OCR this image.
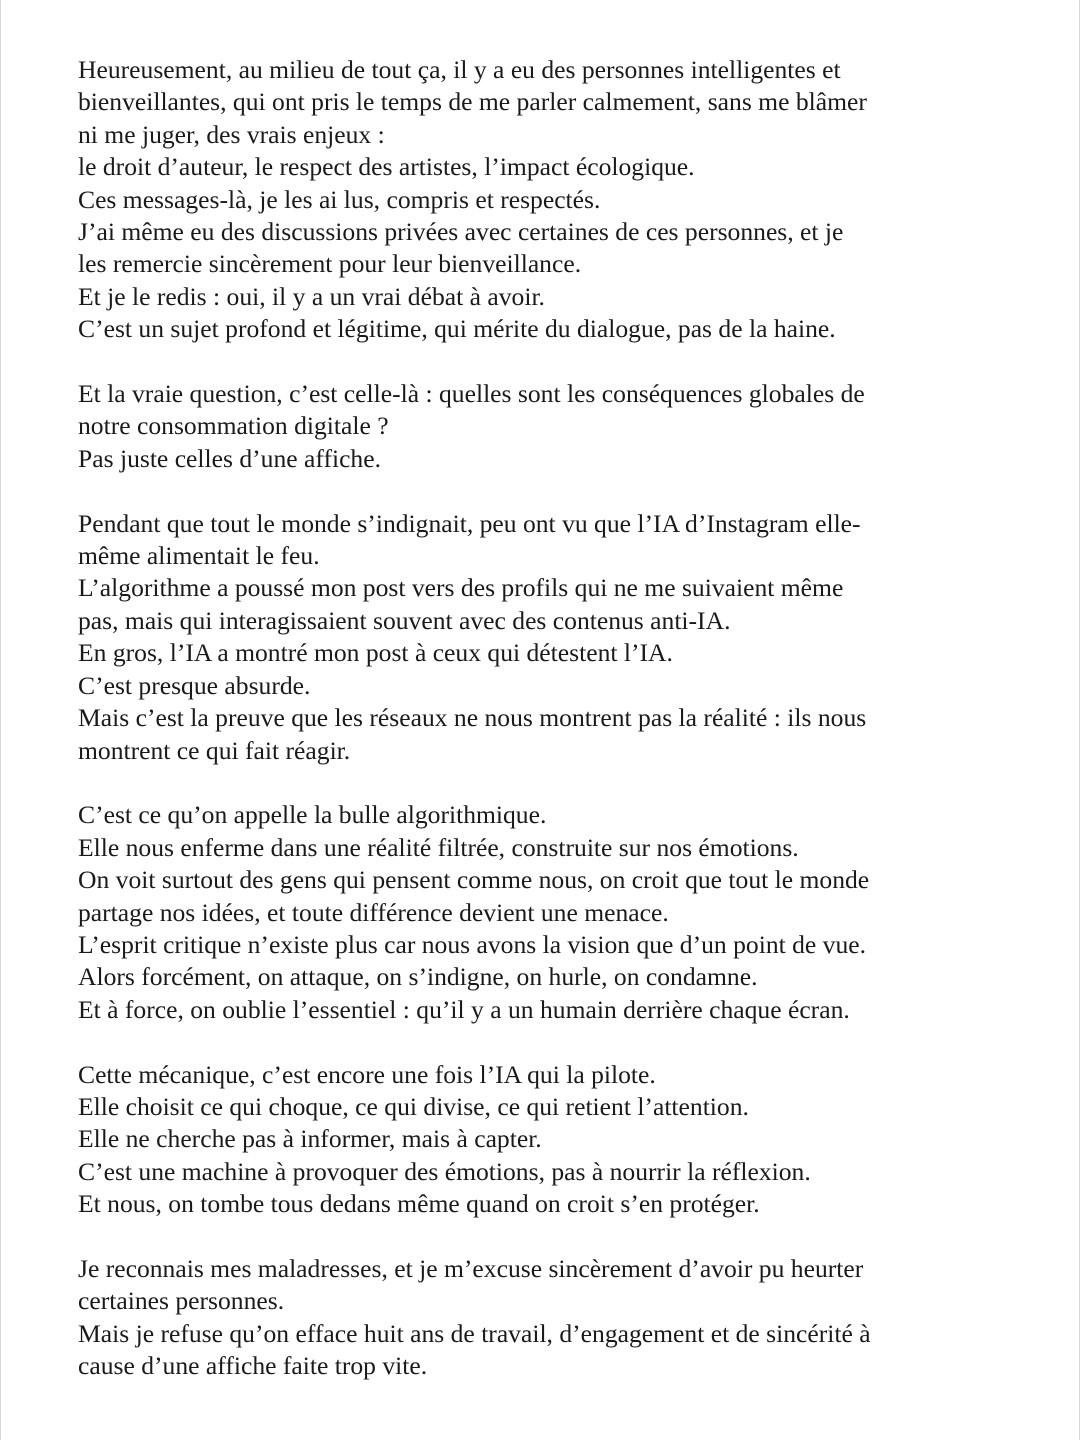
Heureusement, au milieu de tout ça, il y a eu des personnes intelligentes et
bienveillantes, qui ont pris le temps de me parler calmement, sans me blâmer
ni me juger, des vrais enjeux :
le droit d’auteur, le respect des artistes, l’impact écologique.
Ces messages-là, je les ai lus, compris et respectés.
J’ai même eu des discussions privées avec certaines de ces personnes, et je
les remercie sincèrement pour leur bienveillance.
Et je le redis : oui, il y a un vrai débat à avoir.
C’est un sujet profond et légitime, qui mérite du dialogue, pas de la haine.
Et la vraie question, c’est celle-là : quelles sont les conséquences globales de
notre consommation digitale ?
Pas juste celles d’une affiche.
Pendant que tout le monde s’indignait, peu ont vu que l’IA d’Instagram elle-
même alimentait le feu.
L’algorithme a poussé mon post vers des profils qui ne me suivaient même
pas, mais qui interagissaient souvent avec des contenus anti-IA.
En gros, l’IA a montré mon post à ceux qui détestent l’IA.
C’est presque absurde.
Mais c’est la preuve que les réseaux ne nous montrent pas la réalité : ils nous
montrent ce qui fait réagir.
C’est ce qu’on appelle la bulle algorithmique.
Elle nous enferme dans une réalité filtrée, construite sur nos émotions.
On voit surtout des gens qui pensent comme nous, on croit que tout le monde
partage nos idées, et toute différence devient une menace.
L’esprit critique n’existe plus car nous avons la vision que d’un point de vue.
Alors forcément, on attaque, on s’indigne, on hurle, on condamne.
Et à force, on oublie l’essentiel : qu’il y a un humain derrière chaque écran.
Cette mécanique, c’est encore une fois l’IA qui la pilote.
Elle choisit ce qui choque, ce qui divise, ce qui retient l’attention.
Elle ne cherche pas à informer, mais à capter.
C’est une machine à provoquer des émotions, pas à nourrir la réflexion.
Et nous, on tombe tous dedans même quand on croit s’en protéger.
Je reconnais mes maladresses, et je m’excuse sincèrement d’avoir pu heurter
certaines personnes.
Mais je refuse qu’on efface huit ans de travail, d’engagement et de sincérité à
cause d’une affiche faite trop vite.
